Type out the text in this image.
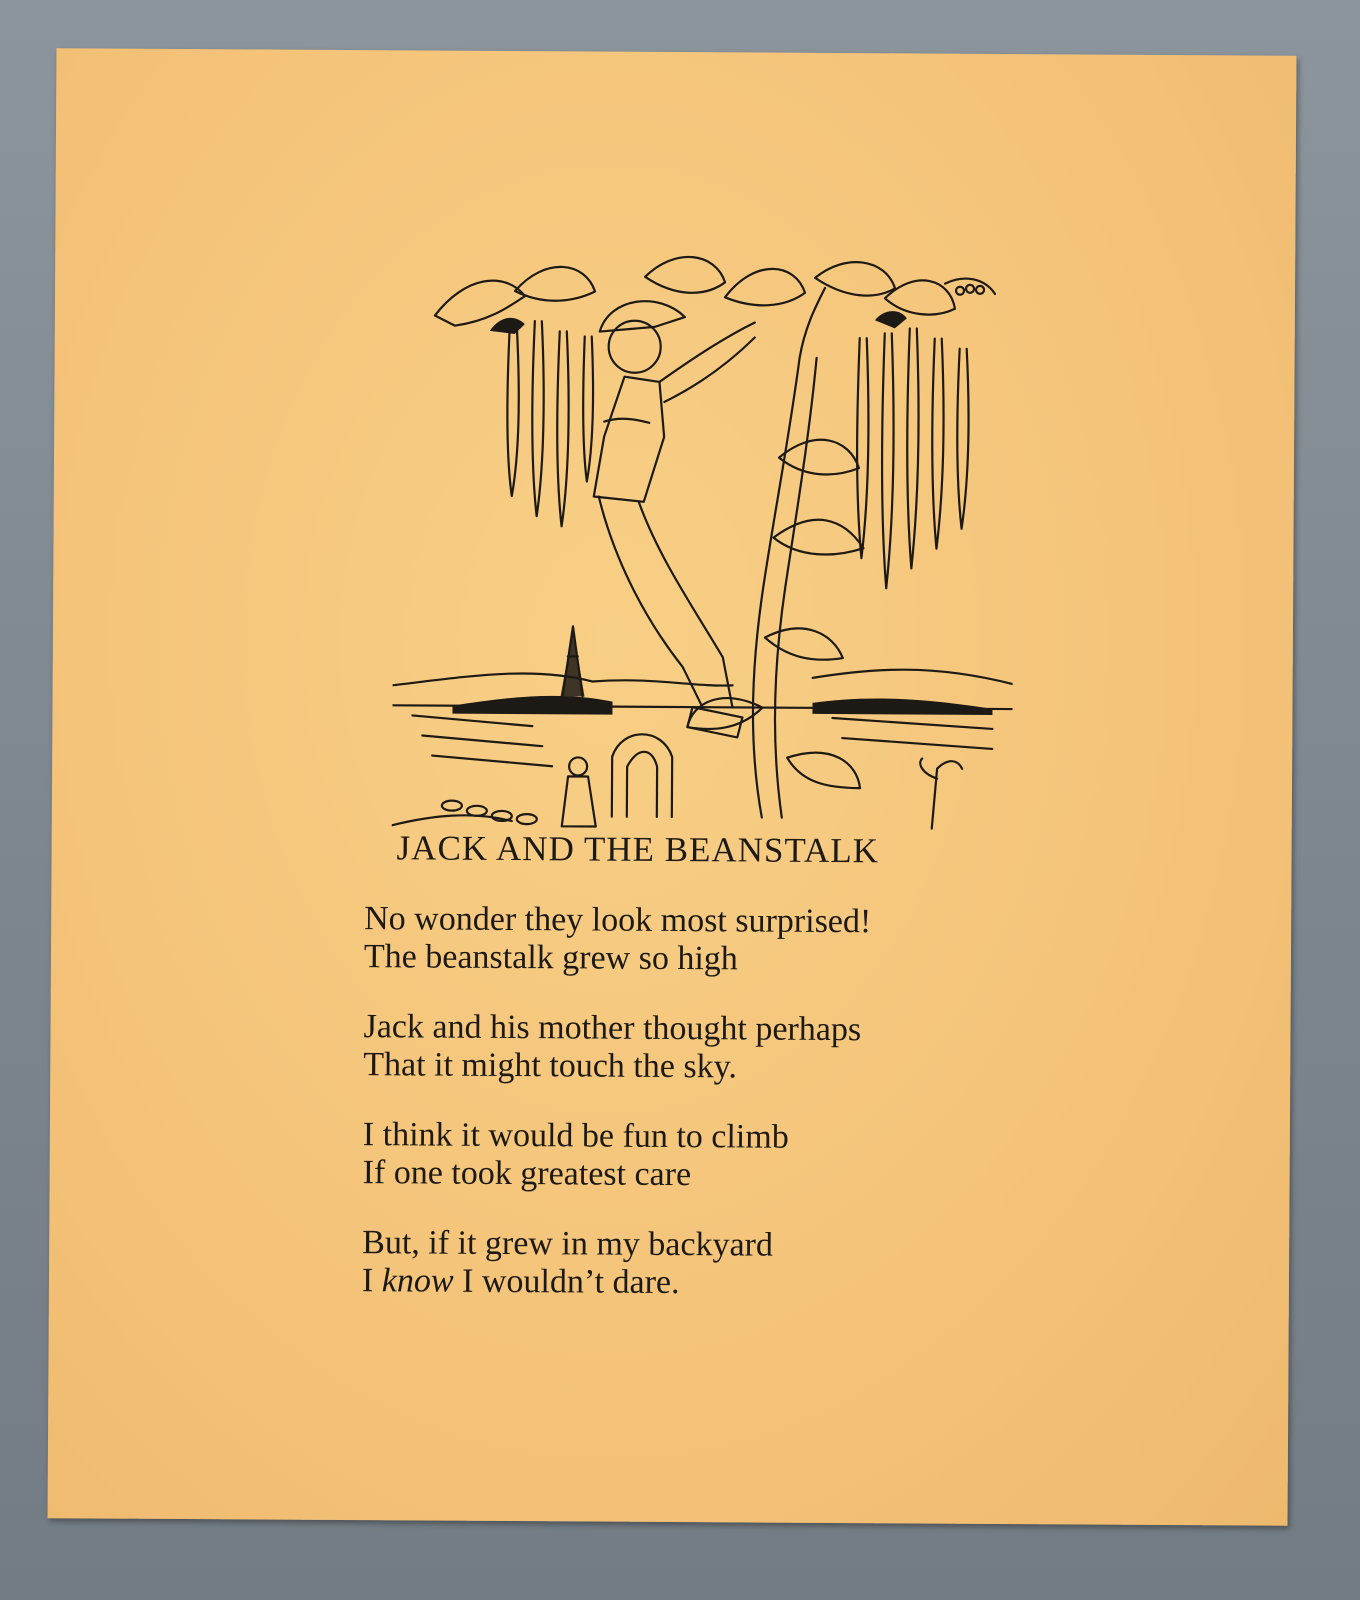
JACK AND THE BEANSTALK
No wonder they look most surprised!
The beanstalk grew so high
Jack and his mother thought perhaps
That it might touch the sky.
I think it would be fun to climb
If one took greatest care
But, if it grew in my backyard
I know I wouldn’t dare.
